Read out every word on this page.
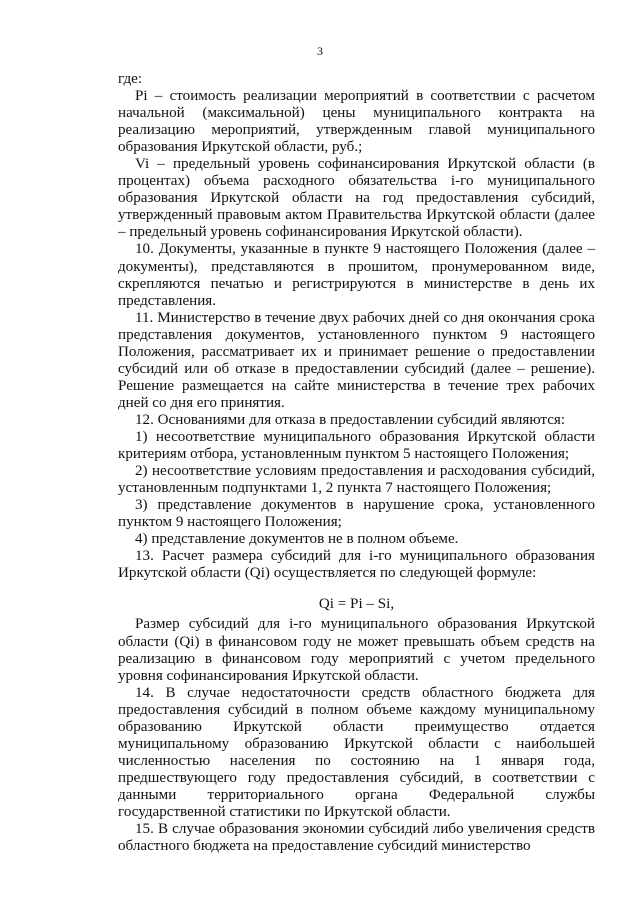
3

где:

Pi – стоимость реализации мероприятий в соответствии с расчетом начальной (максимальной) цены муниципального контракта на реализацию мероприятий, утвержденным главой муниципального образования Иркутской области, руб.;

Vi – предельный уровень софинансирования Иркутской области (в процентах) объема расходного обязательства i-го муниципального образования Иркутской области на год предоставления субсидий, утвержденный правовым актом Правительства Иркутской области (далее – предельный уровень софинансирования Иркутской области).

10. Документы, указанные в пункте 9 настоящего Положения (далее – документы), представляются в прошитом, пронумерованном виде, скрепляются печатью и регистрируются в министерстве в день их представления.

11. Министерство в течение двух рабочих дней со дня окончания срока представления документов, установленного пунктом 9 настоящего Положения, рассматривает их и принимает решение о предоставлении субсидий или об отказе в предоставлении субсидий (далее – решение). Решение размещается на сайте министерства в течение трех рабочих дней со дня его принятия.

12. Основаниями для отказа в предоставлении субсидий являются:

1) несоответствие муниципального образования Иркутской области критериям отбора, установленным пунктом 5 настоящего Положения;

2) несоответствие условиям предоставления и расходования субсидий, установленным подпунктами 1, 2 пункта 7 настоящего Положения;

3) представление документов в нарушение срока, установленного пунктом 9 настоящего Положения;

4) представление документов не в полном объеме.

13. Расчет размера субсидий для i-го муниципального образования Иркутской области (Qi) осуществляется по следующей формуле:

Qi = Pi – Si,

Размер субсидий для i-го муниципального образования Иркутской области (Qi) в финансовом году не может превышать объем средств на реализацию в финансовом году мероприятий с учетом предельного уровня софинансирования Иркутской области.

14. В случае недостаточности средств областного бюджета для предоставления субсидий в полном объеме каждому муниципальному образованию Иркутской области преимущество отдается муниципальному образованию Иркутской области с наибольшей численностью населения по состоянию на 1 января года, предшествующего году предоставления субсидий, в соответствии с данными территориального органа Федеральной службы государственной статистики по Иркутской области.

15. В случае образования экономии субсидий либо увеличения средств областного бюджета на предоставление субсидий министерство
